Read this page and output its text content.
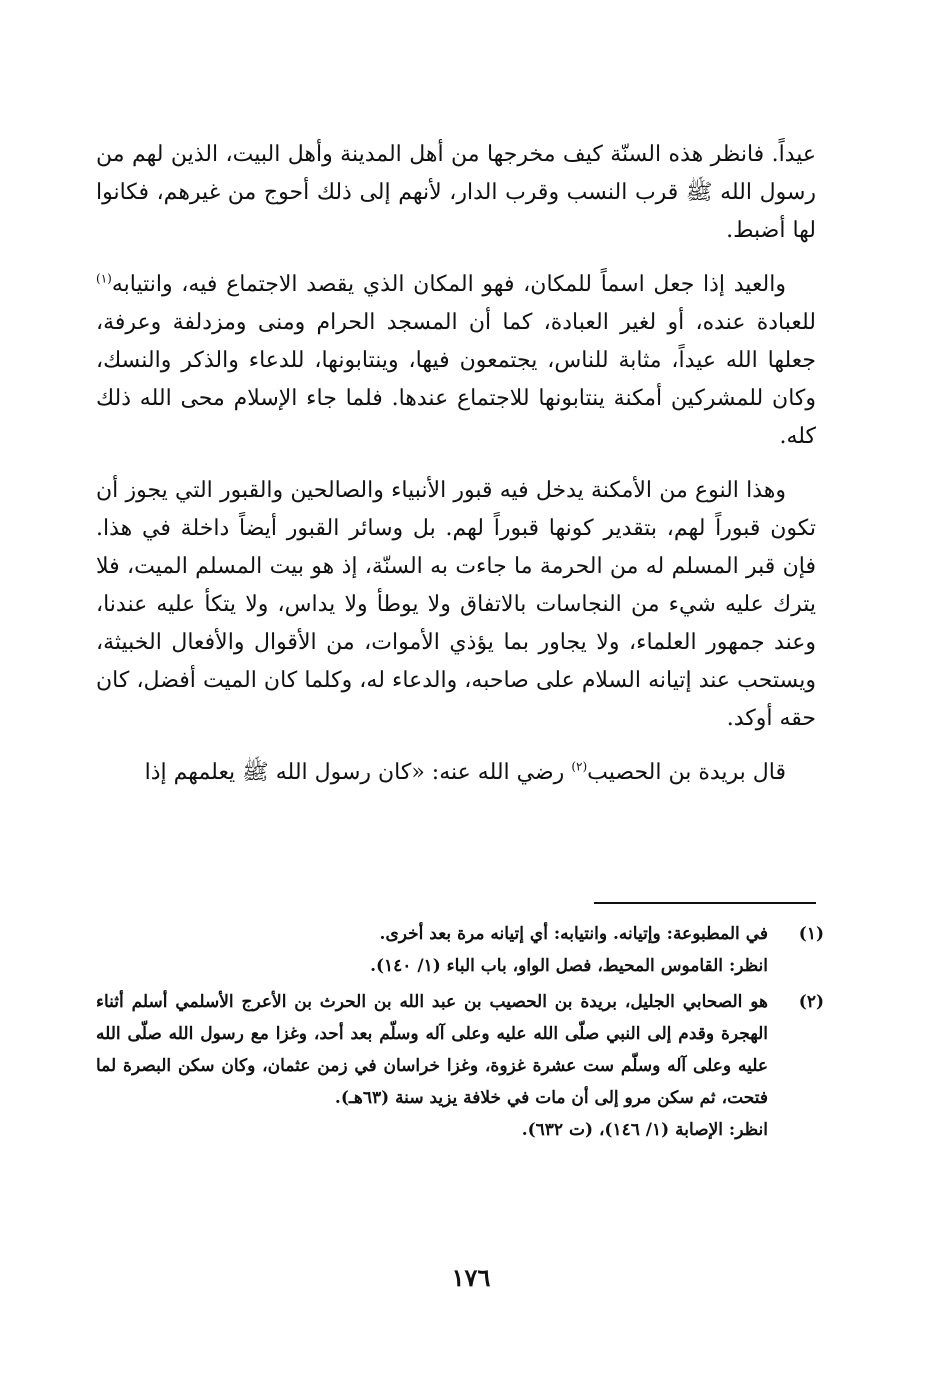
عيداً. فانظر هذه السنّة كيف مخرجها من أهل المدينة وأهل البيت، الذين لهم من رسول الله ﷺ قرب النسب وقرب الدار، لأنهم إلى ذلك أحوج من غيرهم، فكانوا لها أضبط.

والعيد إذا جعل اسماً للمكان، فهو المكان الذي يقصد الاجتماع فيه، وانتيابه$^{(١)}$ للعبادة عنده، أو لغير العبادة، كما أن المسجد الحرام ومنى ومزدلفة وعرفة، جعلها الله عيداً، مثابة للناس، يجتمعون فيها، وينتابونها، للدعاء والذكر والنسك، وكان للمشركين أمكنة ينتابونها للاجتماع عندها. فلما جاء الإسلام محى الله ذلك كله.

وهذا النوع من الأمكنة يدخل فيه قبور الأنبياء والصالحين والقبور التي يجوز أن تكون قبوراً لهم، بتقدير كونها قبوراً لهم. بل وسائر القبور أيضاً داخلة في هذا. فإن قبر المسلم له من الحرمة ما جاءت به السنّة، إذ هو بيت المسلم الميت، فلا يترك عليه شيء من النجاسات بالاتفاق ولا يوطأ ولا يداس، ولا يتكأ عليه عندنا، وعند جمهور العلماء، ولا يجاور بما يؤذي الأموات، من الأقوال والأفعال الخبيثة، ويستحب عند إتيانه السلام على صاحبه، والدعاء له، وكلما كان الميت أفضل، كان حقه أوكد.

قال بريدة بن الحصيب$^{(٢)}$ رضي الله عنه: «كان رسول الله ﷺ يعلمهم إذا

(١)
في المطبوعة: وإتيانه. وانتيابه: أي إتيانه مرة بعد أخرى.
انظر: القاموس المحيط، فصل الواو، باب الباء (١/ ١٤٠).
(٢)
هو الصحابي الجليل، بريدة بن الحصيب بن عبد الله بن الحرث بن الأعرج الأسلمي أسلم أثناء الهجرة وقدم إلى النبي صلّى الله عليه وعلى آله وسلّم بعد أحد، وغزا مع رسول الله صلّى الله عليه وعلى آله وسلّم ست عشرة غزوة، وغزا خراسان في زمن عثمان، وكان سكن البصرة لما فتحت، ثم سكن مرو إلى أن مات في خلافة يزيد سنة (٦٣هـ).
انظر: الإصابة (١/ ١٤٦)، (ت ٦٣٢).
١٧٦
